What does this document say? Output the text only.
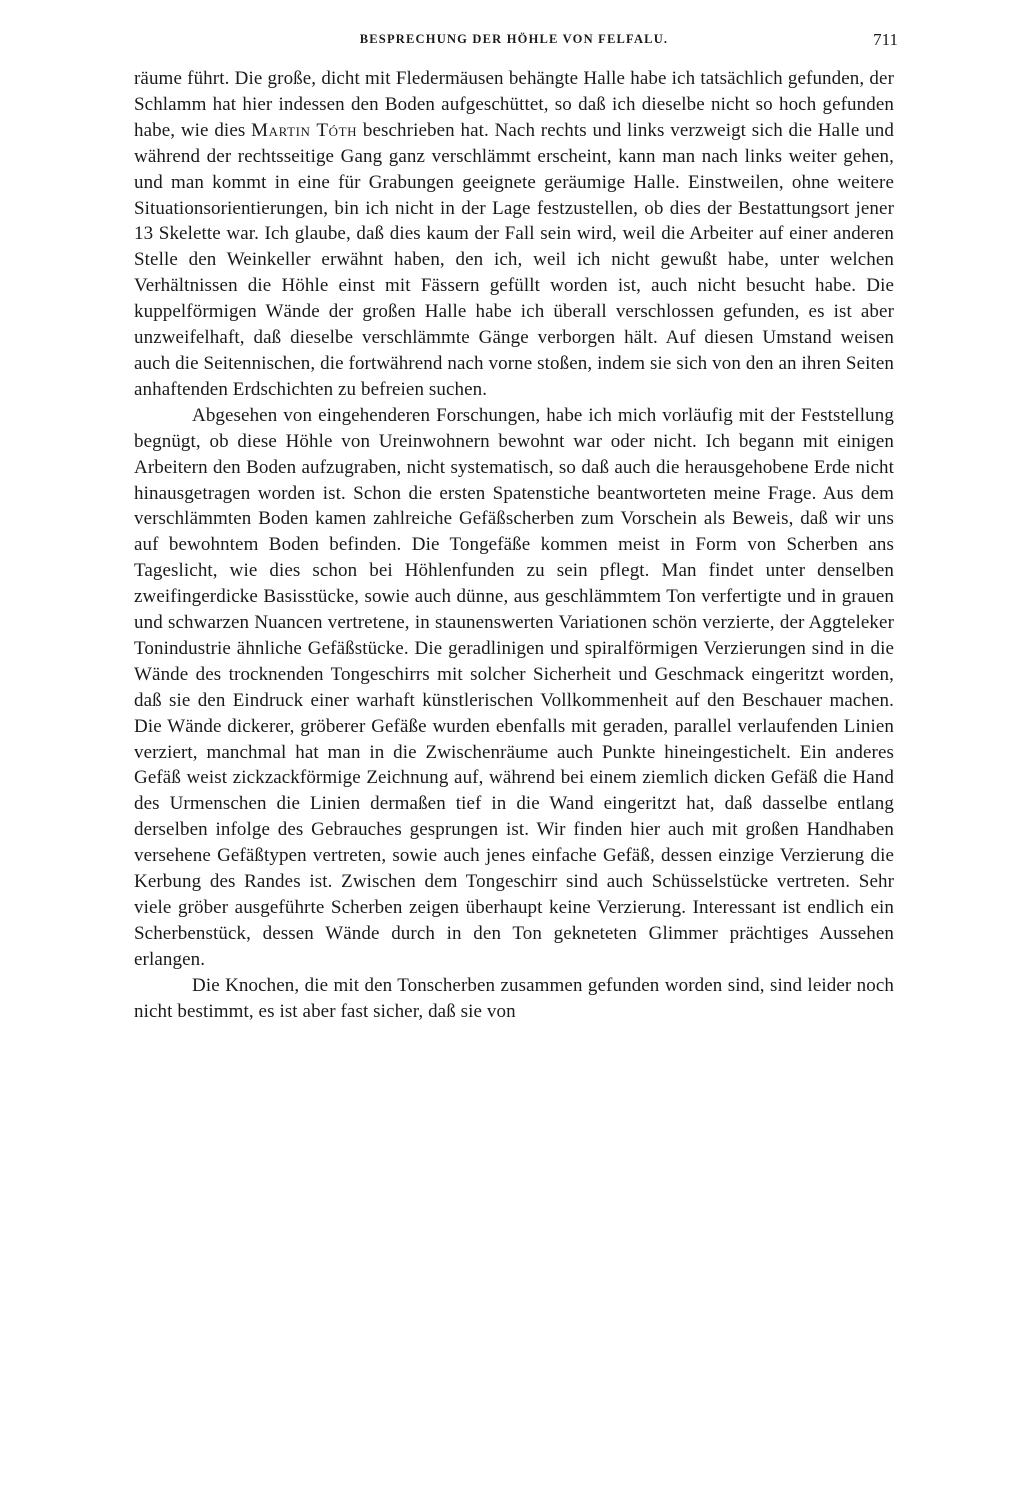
BESPRECHUNG DER HÖHLE VON FELFALU.	711

räume führt. Die große, dicht mit Fledermäusen behängte Halle habe ich tatsächlich gefunden, der Schlamm hat hier indessen den Boden aufgeschüttet, so daß ich dieselbe nicht so hoch gefunden habe, wie dies Martin Tóth beschrieben hat. Nach rechts und links verzweigt sich die Halle und während der rechtsseitige Gang ganz verschlämmt erscheint, kann man nach links weiter gehen, und man kommt in eine für Grabungen geeignete geräumige Halle. Einstweilen, ohne weitere Situationsorientierungen, bin ich nicht in der Lage festzustellen, ob dies der Bestattungsort jener 13 Skelette war. Ich glaube, daß dies kaum der Fall sein wird, weil die Arbeiter auf einer anderen Stelle den Weinkeller erwähnt haben, den ich, weil ich nicht gewußt habe, unter welchen Verhältnissen die Höhle einst mit Fässern gefüllt worden ist, auch nicht besucht habe. Die kuppelförmigen Wände der großen Halle habe ich überall verschlossen gefunden, es ist aber unzweifelhaft, daß dieselbe verschlämmte Gänge verborgen hält. Auf diesen Umstand weisen auch die Seitennischen, die fortwährend nach vorne stoßen, indem sie sich von den an ihren Seiten anhaftenden Erdschichten zu befreien suchen.

Abgesehen von eingehenderen Forschungen, habe ich mich vorläufig mit der Feststellung begnügt, ob diese Höhle von Ureinwohnern bewohnt war oder nicht. Ich begann mit einigen Arbeitern den Boden aufzugraben, nicht systematisch, so daß auch die herausgehobene Erde nicht hinausgetragen worden ist. Schon die ersten Spatenstiche beantworteten meine Frage. Aus dem verschlämmten Boden kamen zahlreiche Gefäßscherben zum Vorschein als Beweis, daß wir uns auf bewohntem Boden befinden. Die Tongefäße kommen meist in Form von Scherben ans Tageslicht, wie dies schon bei Höhlenfunden zu sein pflegt. Man findet unter denselben zweifingerdicke Basisstücke, sowie auch dünne, aus geschlämmtem Ton verfertigte und in grauen und schwarzen Nuancen vertretene, in staunenswerten Variationen schön verzierte, der Aggteleker Tonindustrie ähnliche Gefäßstücke. Die geradlinigen und spiralförmigen Verzierungen sind in die Wände des trocknenden Tongeschirrs mit solcher Sicherheit und Geschmack eingeritzt worden, daß sie den Eindruck einer warhaft künstlerischen Vollkommenheit auf den Beschauer machen. Die Wände dickerer, gröberer Gefäße wurden ebenfalls mit geraden, parallel verlaufenden Linien verziert, manchmal hat man in die Zwischenräume auch Punkte hineingestichelt. Ein anderes Gefäß weist zickzackförmige Zeichnung auf, während bei einem ziemlich dicken Gefäß die Hand des Urmenschen die Linien dermaßen tief in die Wand eingeritzt hat, daß dasselbe entlang derselben infolge des Gebrauches gesprungen ist. Wir finden hier auch mit großen Handhaben versehene Gefäßtypen vertreten, sowie auch jenes einfache Gefäß, dessen einzige Verzierung die Kerbung des Randes ist. Zwischen dem Tongeschirr sind auch Schüsselstücke vertreten. Sehr viele gröber ausgeführte Scherben zeigen überhaupt keine Verzierung. Interessant ist endlich ein Scherbenstück, dessen Wände durch in den Ton gekneteten Glimmer prächtiges Aussehen erlangen.

Die Knochen, die mit den Tonscherben zusammen gefunden worden sind, sind leider noch nicht bestimmt, es ist aber fast sicher, daß sie von
